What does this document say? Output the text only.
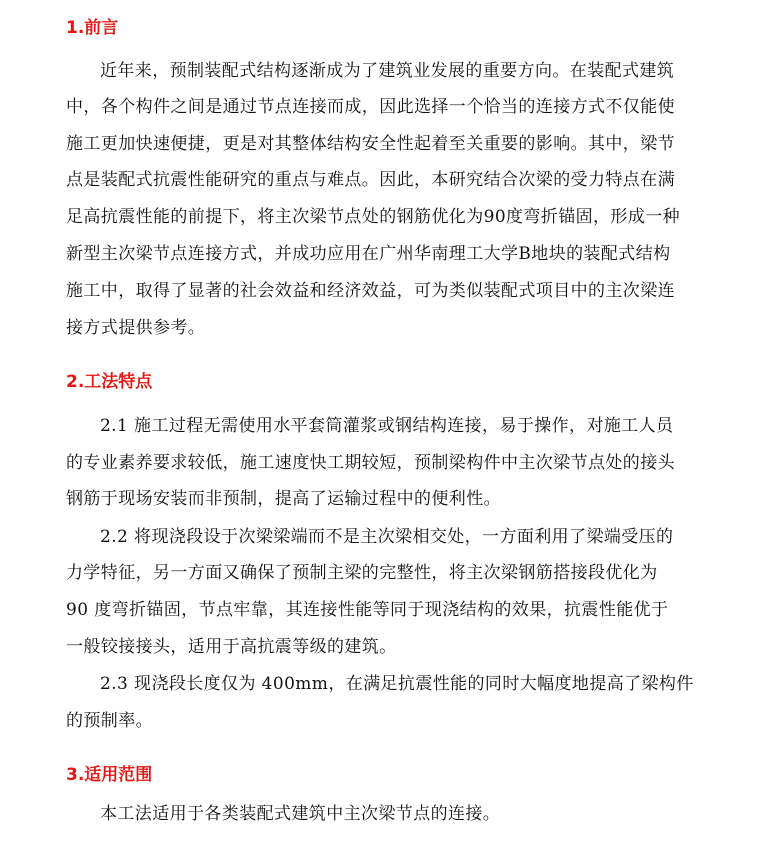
1.前言
近年来，预制装配式结构逐渐成为了建筑业发展的重要方向。在装配式建筑
中，各个构件之间是通过节点连接而成，因此选择一个恰当的连接方式不仅能使
施工更加快速便捷，更是对其整体结构安全性起着至关重要的影响。其中，梁节
点是装配式抗震性能研究的重点与难点。因此，本研究结合次梁的受力特点在满
足高抗震性能的前提下，将主次梁节点处的钢筋优化为90度弯折锚固，形成一种
新型主次梁节点连接方式，并成功应用在广州华南理工大学B地块的装配式结构
施工中，取得了显著的社会效益和经济效益，可为类似装配式项目中的主次梁连
接方式提供参考。
2.工法特点
2.1 施工过程无需使用水平套筒灌浆或钢结构连接，易于操作，对施工人员
的专业素养要求较低，施工速度快工期较短，预制梁构件中主次梁节点处的接头
钢筋于现场安装而非预制，提高了运输过程中的便利性。
2.2 将现浇段设于次梁梁端而不是主次梁相交处，一方面利用了梁端受压的
力学特征，另一方面又确保了预制主梁的完整性，将主次梁钢筋搭接段优化为
90 度弯折锚固，节点牢靠，其连接性能等同于现浇结构的效果，抗震性能优于
一般铰接接头，适用于高抗震等级的建筑。
2.3 现浇段长度仅为 400mm，在满足抗震性能的同时大幅度地提高了梁构件
的预制率。
3.适用范围
本工法适用于各类装配式建筑中主次梁节点的连接。
